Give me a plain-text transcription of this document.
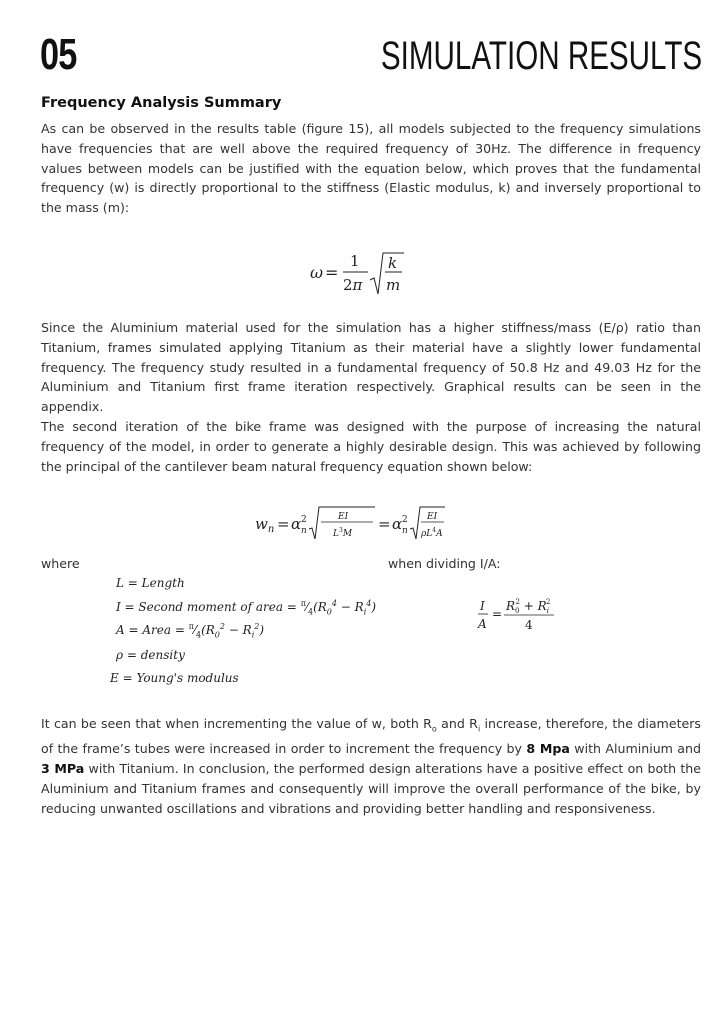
05	SIMULATION RESULTS
Frequency Analysis Summary

As can be observed in the results table (figure 15), all models subjected to the frequency simulations have frequencies that are well above the required frequency of 30Hz. The difference in frequency values between models can be justified with the equation below, which proves that the fundamental frequency (w) is directly proportional to the stiffness (Elastic modulus, k) and inversely proportional to the mass (m):

ω =
1
2π
k
m

Since the Aluminium material used for the simulation has a higher stiffness/mass (E/ρ) ratio than Titanium, frames simulated applying Titanium as their material have a slightly lower fundamental frequency. The frequency study resulted in a fundamental frequency of 50.8 Hz and 49.03 Hz for the Aluminium and Titanium first frame iteration respectively. Graphical results can be seen in the appendix.

The second iteration of the bike frame was designed with the purpose of increasing the natural frequency of the model, in order to generate a highly desirable design. This was achieved by following the principal of the cantilever beam natural frequency equation shown below:

$w_n = \alpha$ 2
n
EI
$L^3M$
= α 2
n
EI
$\rho L^4A$
where	when dividing I/A:
L = Length
I = Second moment of area = $^\pi⁄_4(R_0^4 - R_i^4)$
A = Area = $^\pi⁄_4(R_0^2 - R_i^2)$
ρ = density
E = Young's modulus
I
A
=
$R_02 + R_i2$
4

It can be seen that when incrementing the value of w, both $R_o$ and $R_i$ increase, therefore, the diameters of the frame’s tubes were increased in order to increment the frequency by 8 Mpa with Aluminium and 3 MPa with Titanium. In conclusion, the performed design alterations have a positive effect on both the Aluminium and Titanium frames and consequently will improve the overall performance of the bike, by reducing unwanted oscillations and vibrations and providing better handling and responsiveness.
